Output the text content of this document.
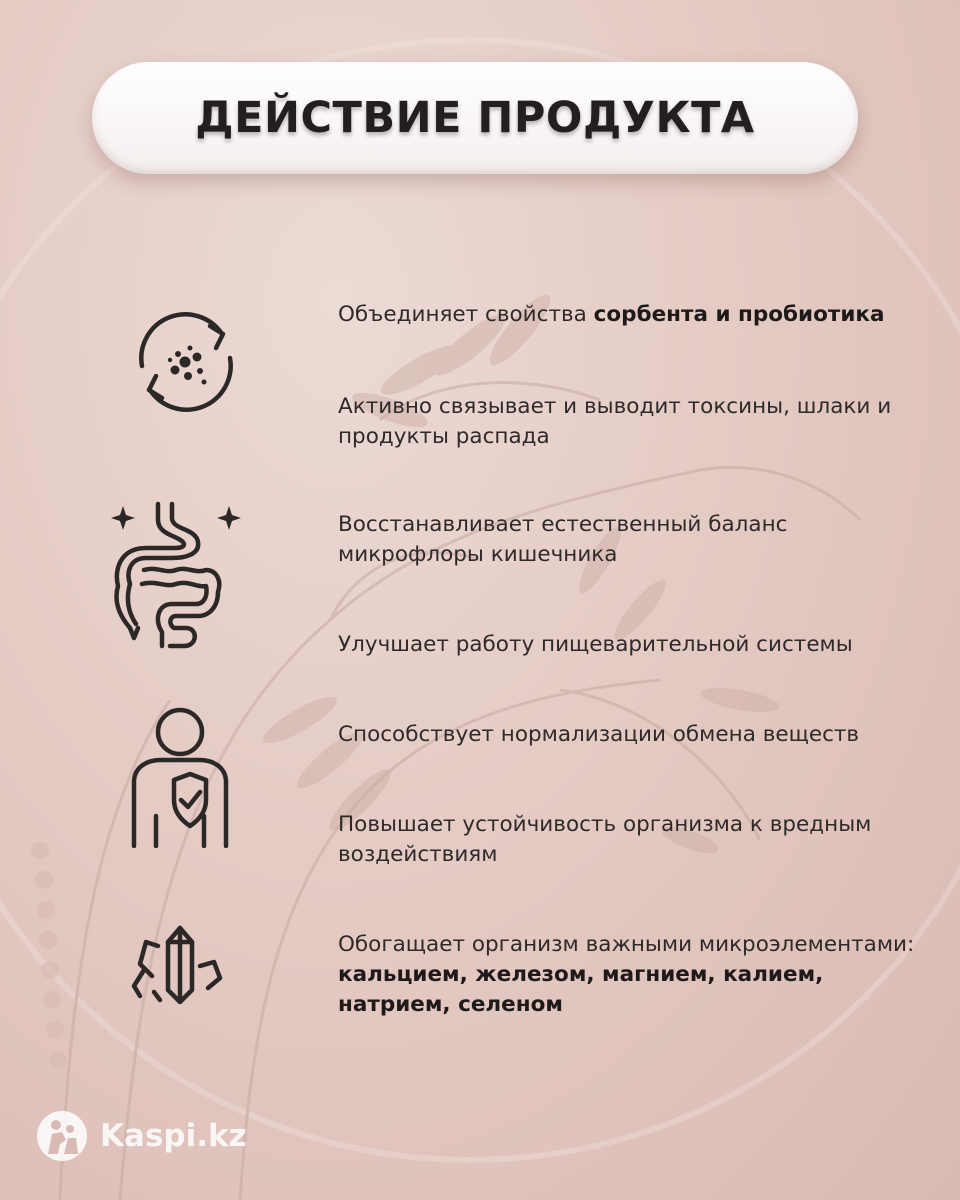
ДЕЙСТВИЕ ПРОДУКТА
Объединяет свойства сорбента и пробиотика
Активно связывает и выводит токсины, шлаки и продукты распада
Восстанавливает естественный баланс микрофлоры кишечника
Улучшает работу пищеварительной системы
Способствует нормализации обмена веществ
Повышает устойчивость организма к вредным воздействиям
Обогащает организм важными микроэлементами: кальцием, железом, магнием, калием, натрием, селеном
Kaspi.kz
